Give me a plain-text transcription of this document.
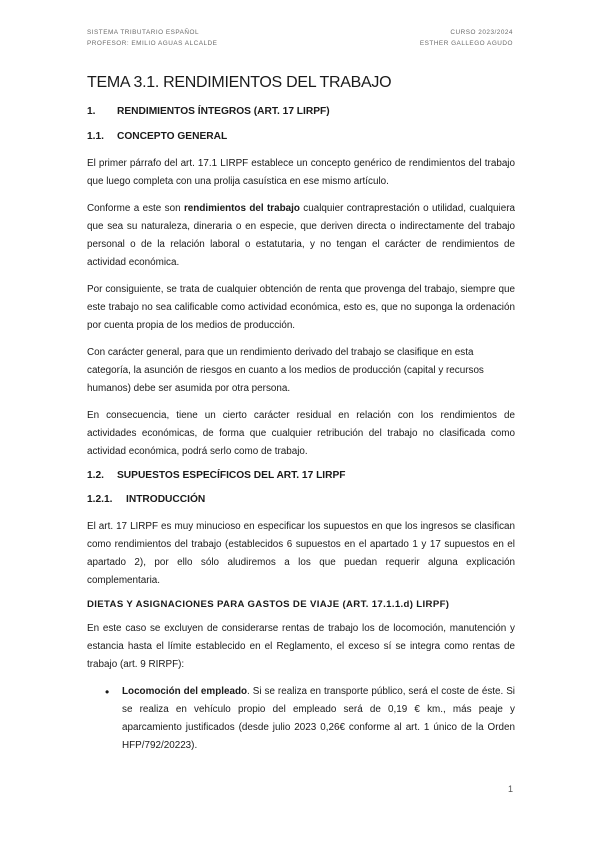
SISTEMA TRIBUTARIO ESPAÑOL
PROFESOR: EMILIO AGUAS ALCALDE
CURSO 2023/2024
ESTHER GALLEGO AGUDO
TEMA 3.1. RENDIMIENTOS DEL TRABAJO
1.	RENDIMIENTOS ÍNTEGROS (ART. 17 LIRPF)
1.1.	CONCEPTO GENERAL

El primer párrafo del art. 17.1 LIRPF establece un concepto genérico de rendimientos del trabajo que luego completa con una prolija casuística en ese mismo artículo.

Conforme a este son rendimientos del trabajo cualquier contraprestación o utilidad, cualquiera que sea su naturaleza, dineraria o en especie, que deriven directa o indirectamente del trabajo personal o de la relación laboral o estatutaria, y no tengan el carácter de rendimientos de actividad económica.

Por consiguiente, se trata de cualquier obtención de renta que provenga del trabajo, siempre que este trabajo no sea calificable como actividad económica, esto es, que no suponga la ordenación por cuenta propia de los medios de producción.

Con carácter general, para que un rendimiento derivado del trabajo se clasifique en esta categoría, la asunción de riesgos en cuanto a los medios de producción (capital y recursos humanos) debe ser asumida por otra persona.

En consecuencia, tiene un cierto carácter residual en relación con los rendimientos de actividades económicas, de forma que cualquier retribución del trabajo no clasificada como actividad económica, podrá serlo como de trabajo.

1.2.	SUPUESTOS ESPECÍFICOS DEL ART. 17 LIRPF
1.2.1.	INTRODUCCIÓN

El art. 17 LIRPF es muy minucioso en especificar los supuestos en que los ingresos se clasifican como rendimientos del trabajo (establecidos 6 supuestos en el apartado 1 y 17 supuestos en el apartado 2), por ello sólo aludiremos a los que puedan requerir alguna explicación complementaria.

DIETAS Y ASIGNACIONES PARA GASTOS DE VIAJE (ART. 17.1.1.d) LIRPF)

En este caso se excluyen de considerarse rentas de trabajo los de locomoción, manutención y estancia hasta el límite establecido en el Reglamento, el exceso sí se integra como rentas de trabajo (art. 9 RIRPF):

• Locomoción del empleado. Si se realiza en transporte público, será el coste de éste. Si se realiza en vehículo propio del empleado será de 0,19 € km., más peaje y aparcamiento justificados (desde julio 2023 0,26€ conforme al art. 1 único de la Orden HFP/792/20223).
1
